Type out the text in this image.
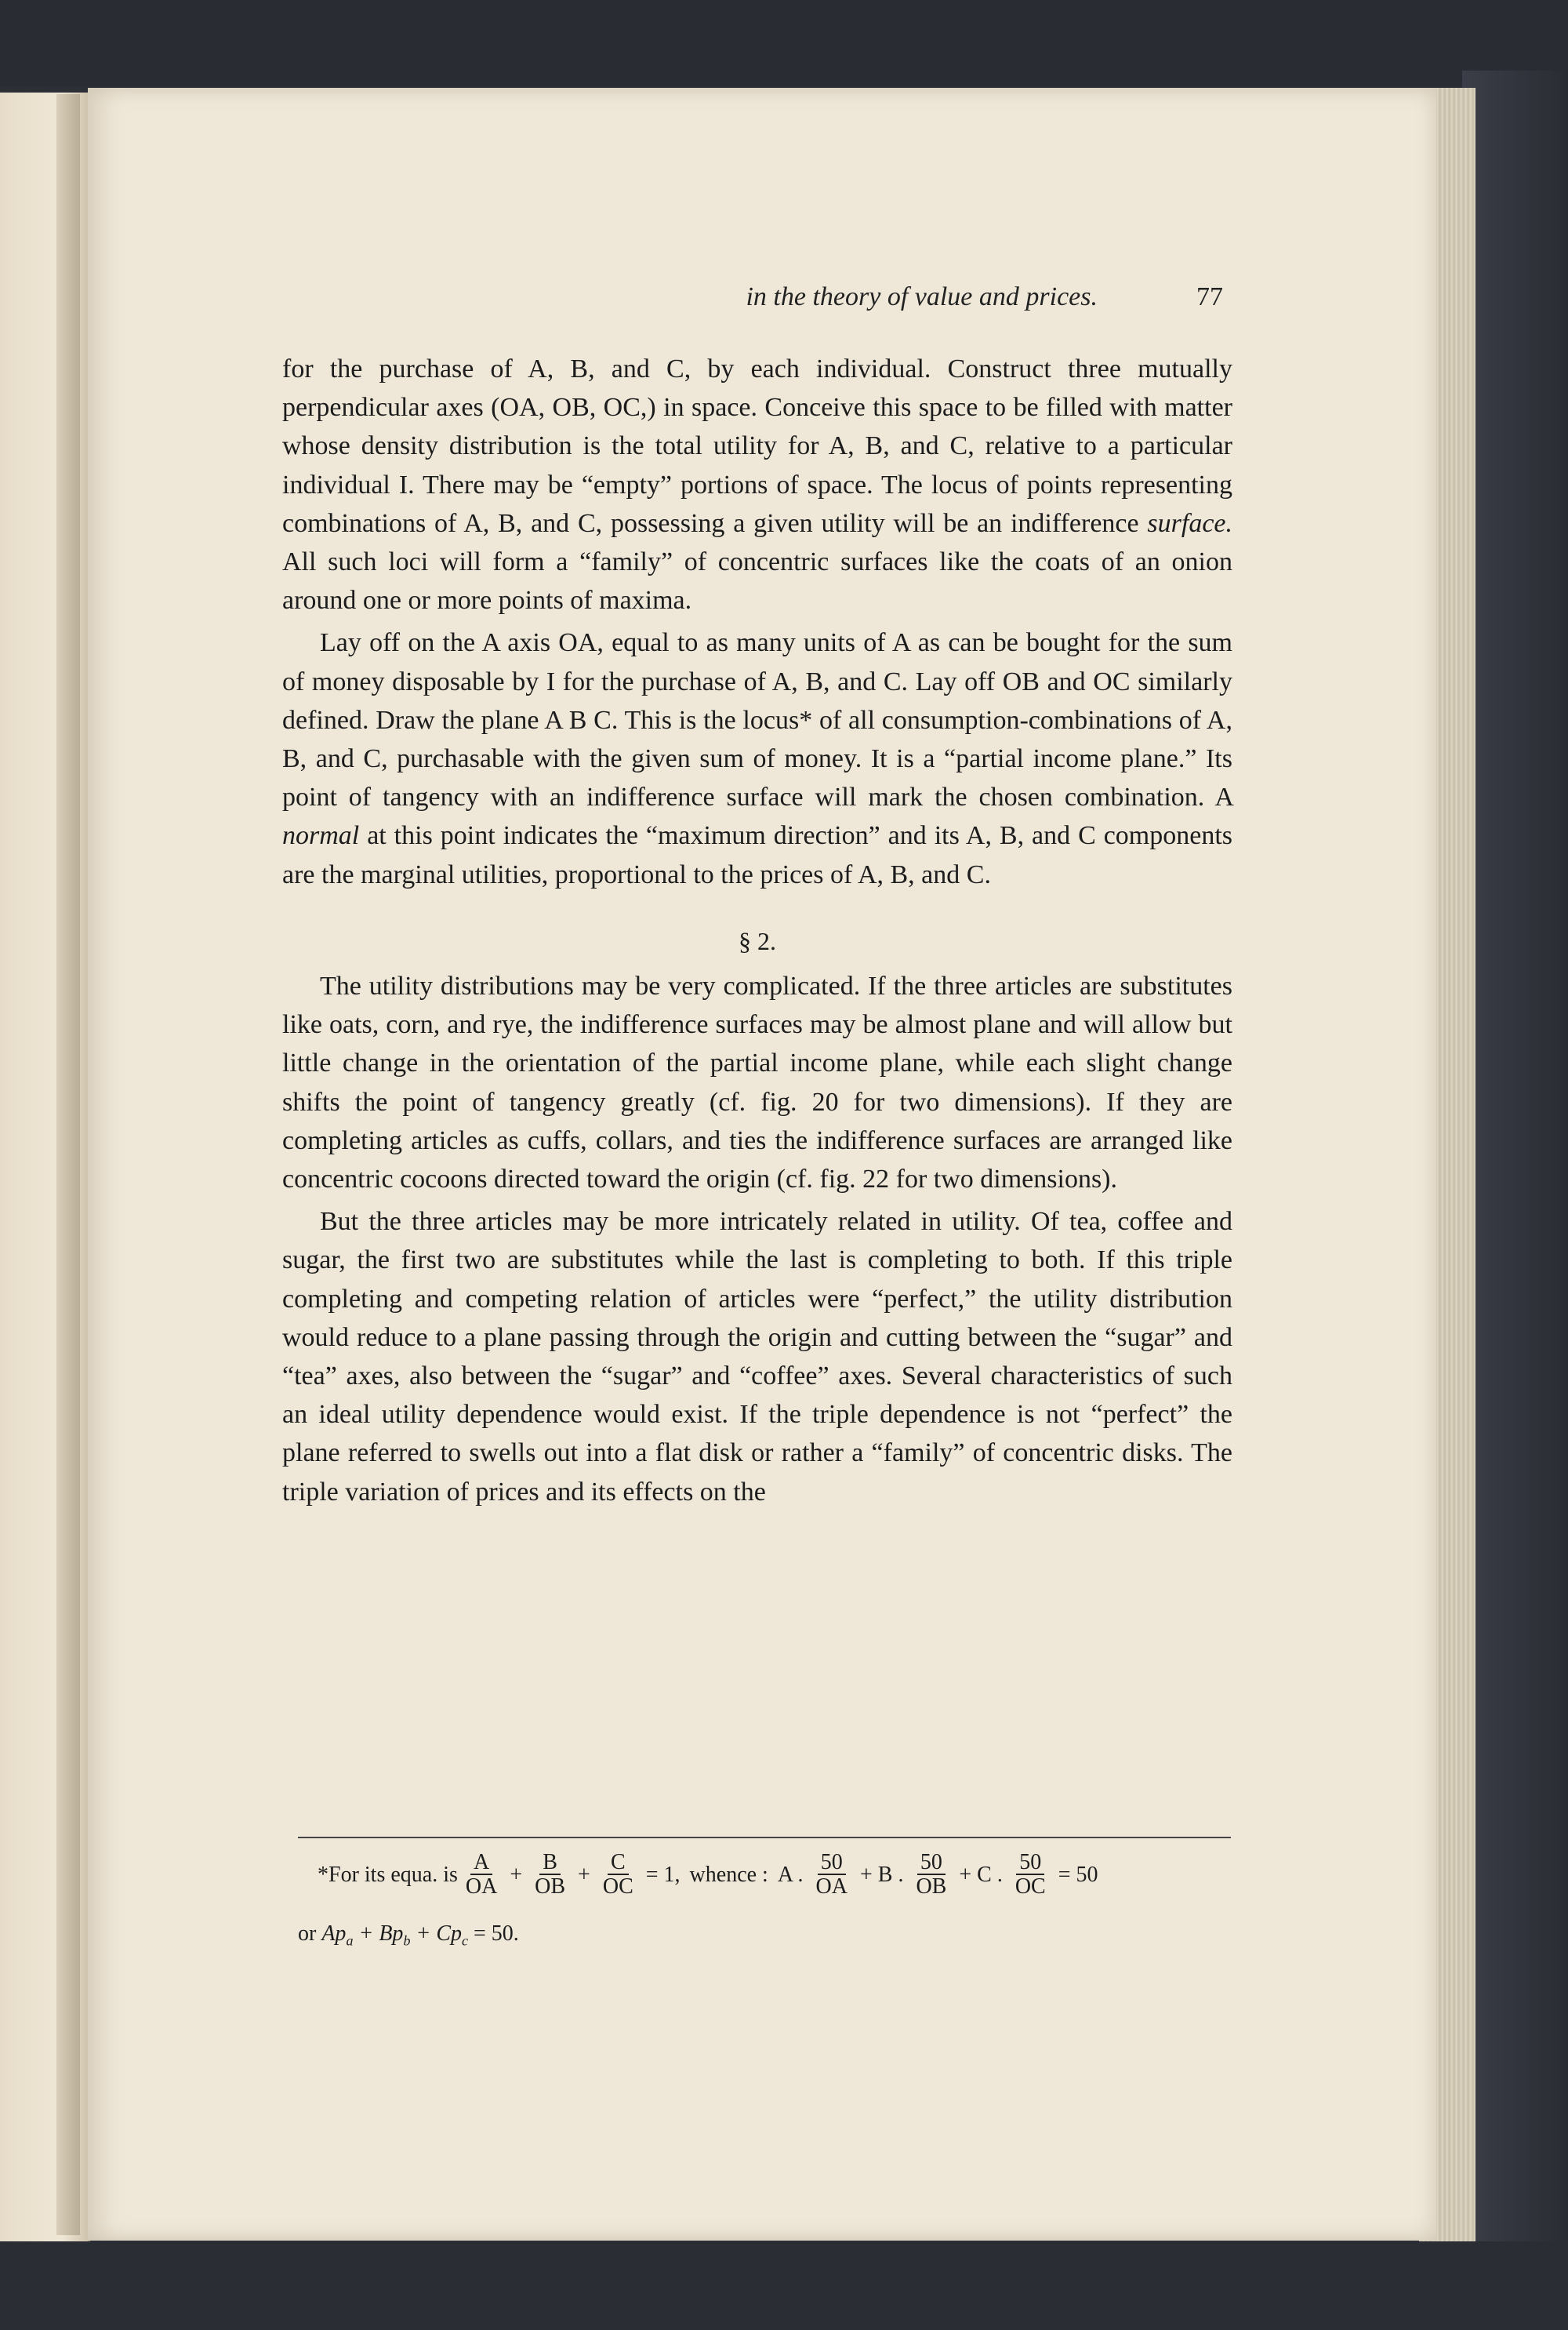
in the theory of value and prices.	77

for the purchase of A, B, and C, by each individual. Construct three mutually perpendicular axes (OA, OB, OC,) in space. Conceive this space to be filled with matter whose density distribution is the total utility for A, B, and C, relative to a particular individual I. There may be “empty” portions of space. The locus of points representing combinations of A, B, and C, possessing a given utility will be an indifference surface. All such loci will form a “family” of concentric surfaces like the coats of an onion around one or more points of maxima.

Lay off on the A axis OA, equal to as many units of A as can be bought for the sum of money disposable by I for the purchase of A, B, and C. Lay off OB and OC similarly defined. Draw the plane A B C. This is the locus* of all consumption-combinations of A, B, and C, purchasable with the given sum of money. It is a “partial income plane.” Its point of tangency with an indifference surface will mark the chosen combination. A normal at this point indicates the “maximum direction” and its A, B, and C components are the marginal utilities, proportional to the prices of A, B, and C.

§ 2.

The utility distributions may be very complicated. If the three articles are substitutes like oats, corn, and rye, the indifference surfaces may be almost plane and will allow but little change in the orientation of the partial income plane, while each slight change shifts the point of tangency greatly (cf. fig. 20 for two dimensions). If they are completing articles as cuffs, collars, and ties the indifference surfaces are arranged like concentric cocoons directed toward the origin (cf. fig. 22 for two dimensions).

But the three articles may be more intricately related in utility. Of tea, coffee and sugar, the first two are substitutes while the last is completing to both. If this triple completing and competing relation of articles were “perfect,” the utility distribution would reduce to a plane passing through the origin and cutting between the “sugar” and “tea” axes, also between the “sugar” and “coffee” axes. Several characteristics of such an ideal utility dependence would exist. If the triple dependence is not “perfect” the plane referred to swells out into a flat disk or rather a “family” of concentric disks. The triple variation of prices and its effects on the

*For its equa. is $\frac{A}{OA} + \frac{B}{OB} + \frac{C}{OC} = 1$, whence : A . $\frac{50}{OA} + B$ . $\frac{50}{OB} + C$ . $\frac{50}{OC} = 50$
or $Ap_a + Bp_b + Cp_c = 50$.
